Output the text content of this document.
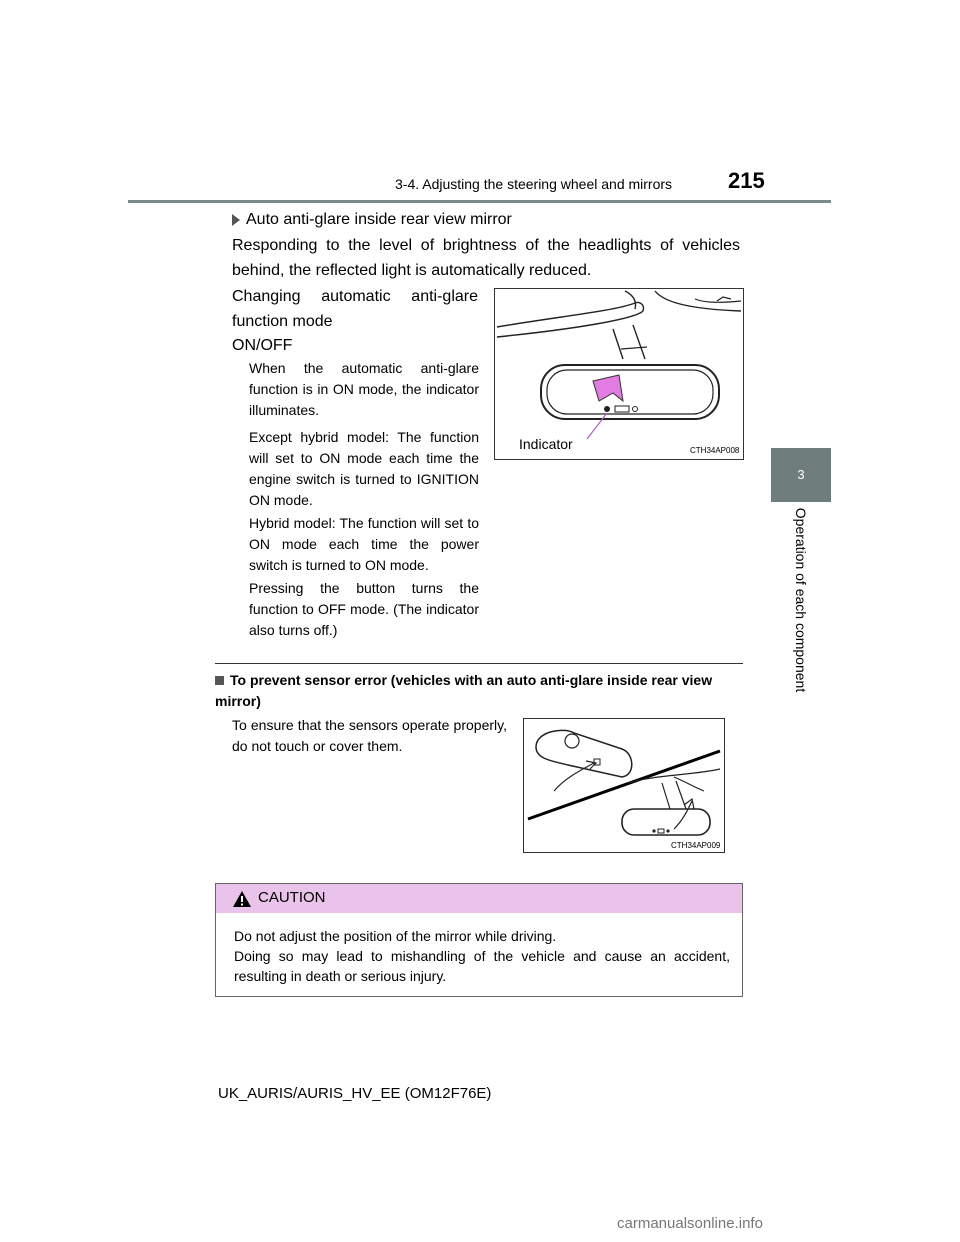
3-4. Adjusting the steering wheel and mirrors	215
3
Operation of each component
Auto anti-glare inside rear view mirror
Responding to the level of brightness of the headlights of vehicles behind, the reflected light is automatically reduced.
Changing automatic anti-glare function mode
ON/OFF
When the automatic anti-glare function is in ON mode, the indicator illuminates.
Except hybrid model: The function will set to ON mode each time the engine switch is turned to IGNITION ON mode.
Hybrid model: The function will set to ON mode each time the power switch is turned to ON mode.
Pressing the button turns the function to OFF mode. (The indicator also turns off.)
Indicator	CTH34AP008
To prevent sensor error (vehicles with an auto anti-glare inside rear view mirror)
To ensure that the sensors operate properly, do not touch or cover them.
CTH34AP009
CAUTION
Do not adjust the position of the mirror while driving.
Doing so may lead to mishandling of the vehicle and cause an accident, resulting in death or serious injury.
UK_AURIS/AURIS_HV_EE (OM12F76E)
carmanualsonline.info
